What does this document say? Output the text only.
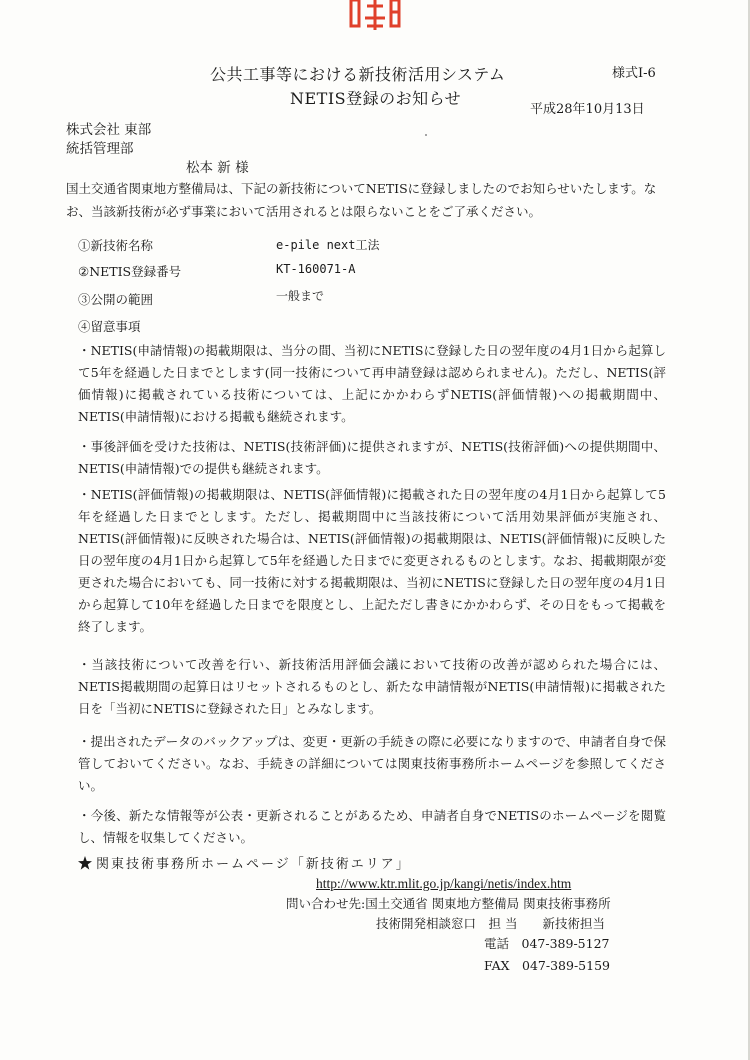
公共工事等における新技術活用システム	様式Ⅰ-6
NETIS登録のお知らせ
平成28年10月13日
株式会社 東部
統括管理部
松本 新 様
国土交通省関東地方整備局は、下記の新技術についてNETISに登録しましたのでお知らせいたします。なお、当該新技術が必ず事業において活用されるとは限らないことをご了承ください。
①新技術名称	e-pile next工法
②NETIS登録番号	KT-160071-A
③公開の範囲	一般まで
④留意事項
・NETIS(申請情報)の掲載期限は、当分の間、当初にNETISに登録した日の翌年度の4月1日から起算して5年を経過した日までとします(同一技術について再申請登録は認められません)。ただし、NETIS(評価情報)に掲載されている技術については、上記にかかわらずNETIS(評価情報)への掲載期間中、NETIS(申請情報)における掲載も継続されます。
・事後評価を受けた技術は、NETIS(技術評価)に提供されますが、NETIS(技術評価)への提供期間中、NETIS(申請情報)での提供も継続されます。
・NETIS(評価情報)の掲載期限は、NETIS(評価情報)に掲載された日の翌年度の4月1日から起算して5年を経過した日までとします。ただし、掲載期間中に当該技術について活用効果評価が実施され、NETIS(評価情報)に反映された場合は、NETIS(評価情報)の掲載期限は、NETIS(評価情報)に反映した日の翌年度の4月1日から起算して5年を経過した日までに変更されるものとします。なお、掲載期限が変更された場合においても、同一技術に対する掲載期限は、当初にNETISに登録した日の翌年度の4月1日から起算して10年を経過した日までを限度とし、上記ただし書きにかかわらず、その日をもって掲載を終了します。
・当該技術について改善を行い、新技術活用評価会議において技術の改善が認められた場合には、NETIS掲載期間の起算日はリセットされるものとし、新たな申請情報がNETIS(申請情報)に掲載された日を「当初にNETISに登録された日」とみなします。
・提出されたデータのバックアップは、変更・更新の手続きの際に必要になりますので、申請者自身で保管しておいてください。なお、手続きの詳細については関東技術事務所ホームページを参照してください。
・今後、新たな情報等が公表・更新されることがあるため、申請者自身でNETISのホームページを閲覧し、情報を収集してください。
関東技術事務所ホームページ「新技術エリア」
http://www.ktr.mlit.go.jp/kangi/netis/index.htm
問い合わせ先:国土交通省 関東地方整備局 関東技術事務所
技術開発相談窓口　担 当　　新技術担当
電話　047-389-5127
FAX　047-389-5159
